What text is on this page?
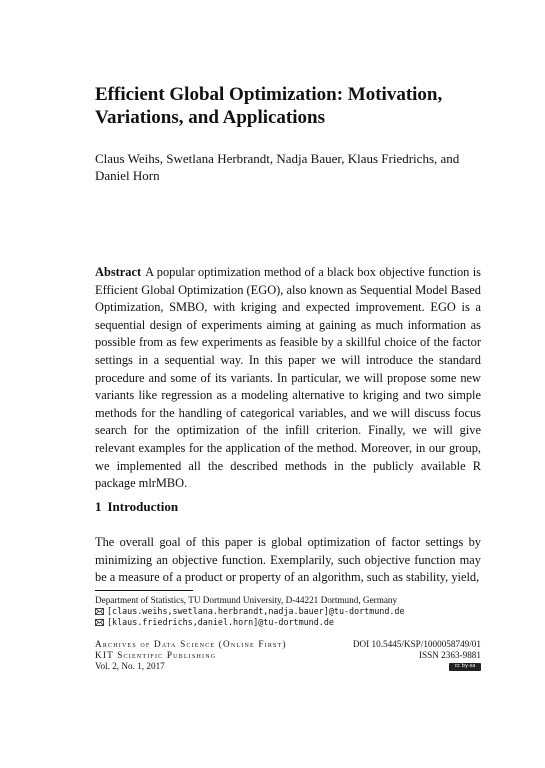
Efficient Global Optimization: Motivation, Variations, and Applications

Claus Weihs, Swetlana Herbrandt, Nadja Bauer, Klaus Friedrichs, and Daniel Horn

Abstract A popular optimization method of a black box objective function is Efficient Global Optimization (EGO), also known as Sequential Model Based Optimization, SMBO, with kriging and expected improvement. EGO is a sequential design of experiments aiming at gaining as much information as possible from as few experiments as feasible by a skillful choice of the factor settings in a sequential way. In this paper we will introduce the standard procedure and some of its variants. In particular, we will propose some new variants like regression as a modeling alternative to kriging and two simple methods for the handling of categorical variables, and we will discuss focus search for the optimization of the infill criterion. Finally, we will give relevant examples for the application of the method. Moreover, in our group, we implemented all the described methods in the publicly available R package mlrMBO.

1 Introduction

The overall goal of this paper is global optimization of factor settings by minimizing an objective function. Exemplarily, such objective function may be a measure of a product or property of an algorithm, such as stability, yield,

Department of Statistics, TU Dortmund University, D-44221 Dortmund, Germany
[claus.weihs,swetlana.herbrandt,nadja.bauer]@tu-dortmund.de
[klaus.friedrichs,daniel.horn]@tu-dortmund.de
Archives of Data Science (Online First)	DOI 10.5445/KSP/1000058749/01
KIT Scientific Publishing	ISSN 2363-9881
Vol. 2, No. 1, 2017	cc by-sa
